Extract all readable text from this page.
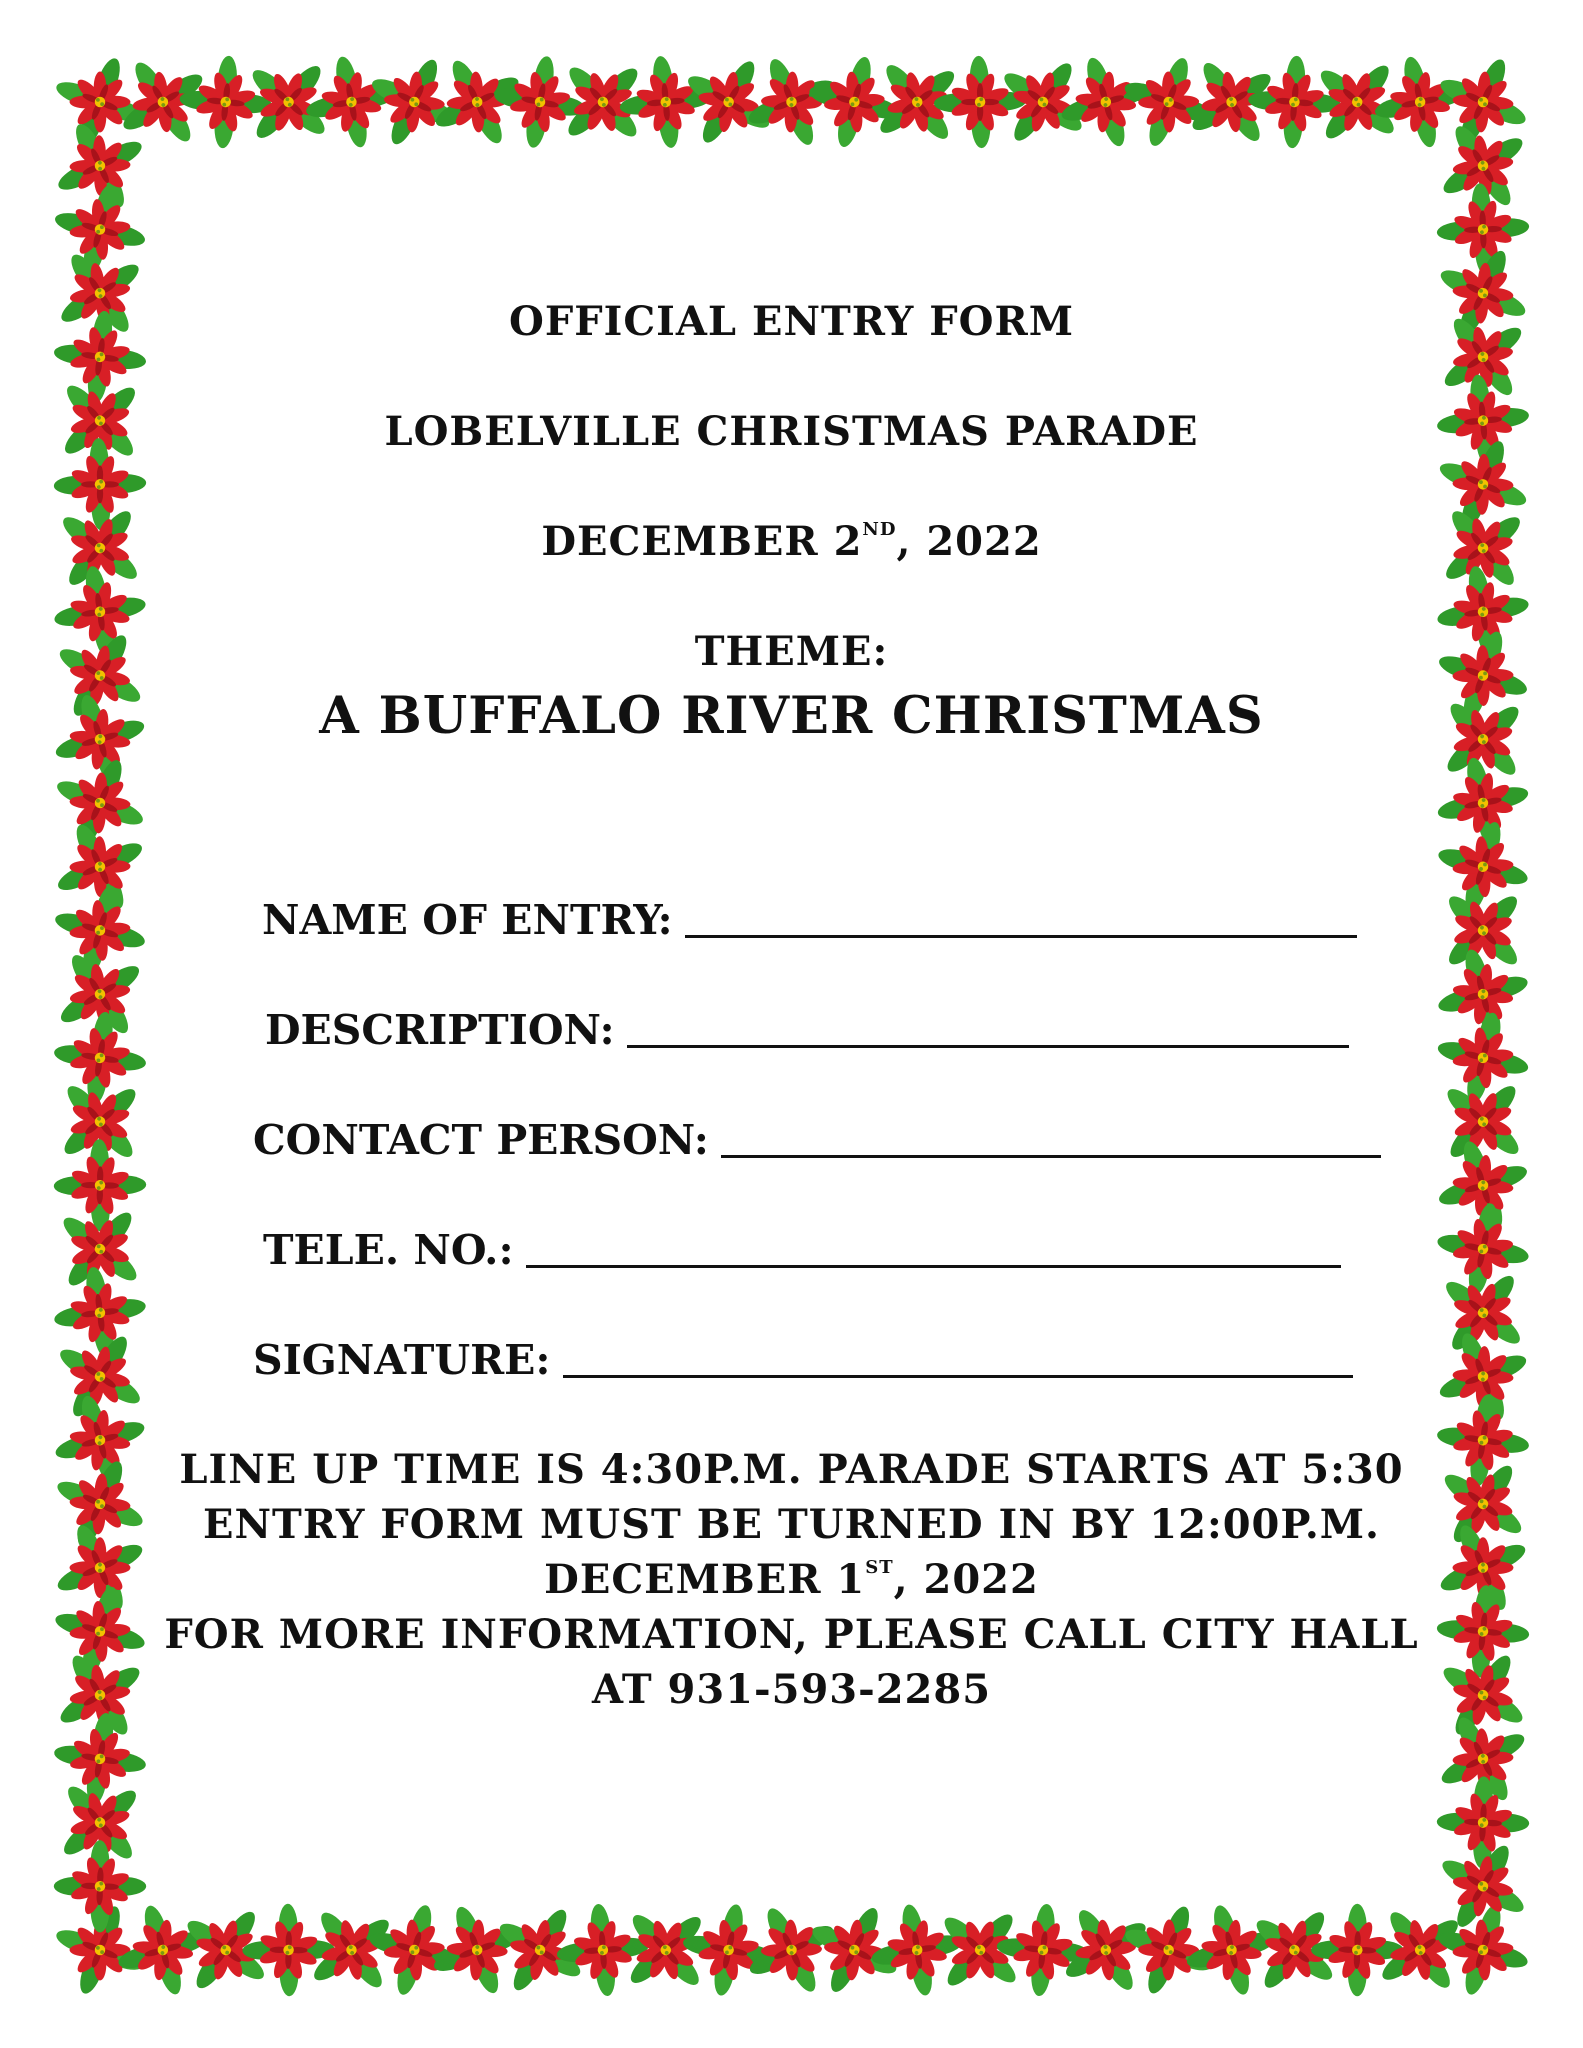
OFFICIAL ENTRY FORM
LOBELVILLE CHRISTMAS PARADE
DECEMBER 2ND, 2022
THEME:
A BUFFALO RIVER CHRISTMAS
NAME OF ENTRY:
DESCRIPTION:
CONTACT PERSON:
TELE. NO.:
SIGNATURE:
LINE UP TIME IS 4:30P.M. PARADE STARTS AT 5:30
ENTRY FORM MUST BE TURNED IN BY 12:00P.M.
DECEMBER 1ST, 2022
FOR MORE INFORMATION, PLEASE CALL CITY HALL
AT 931-593-2285
